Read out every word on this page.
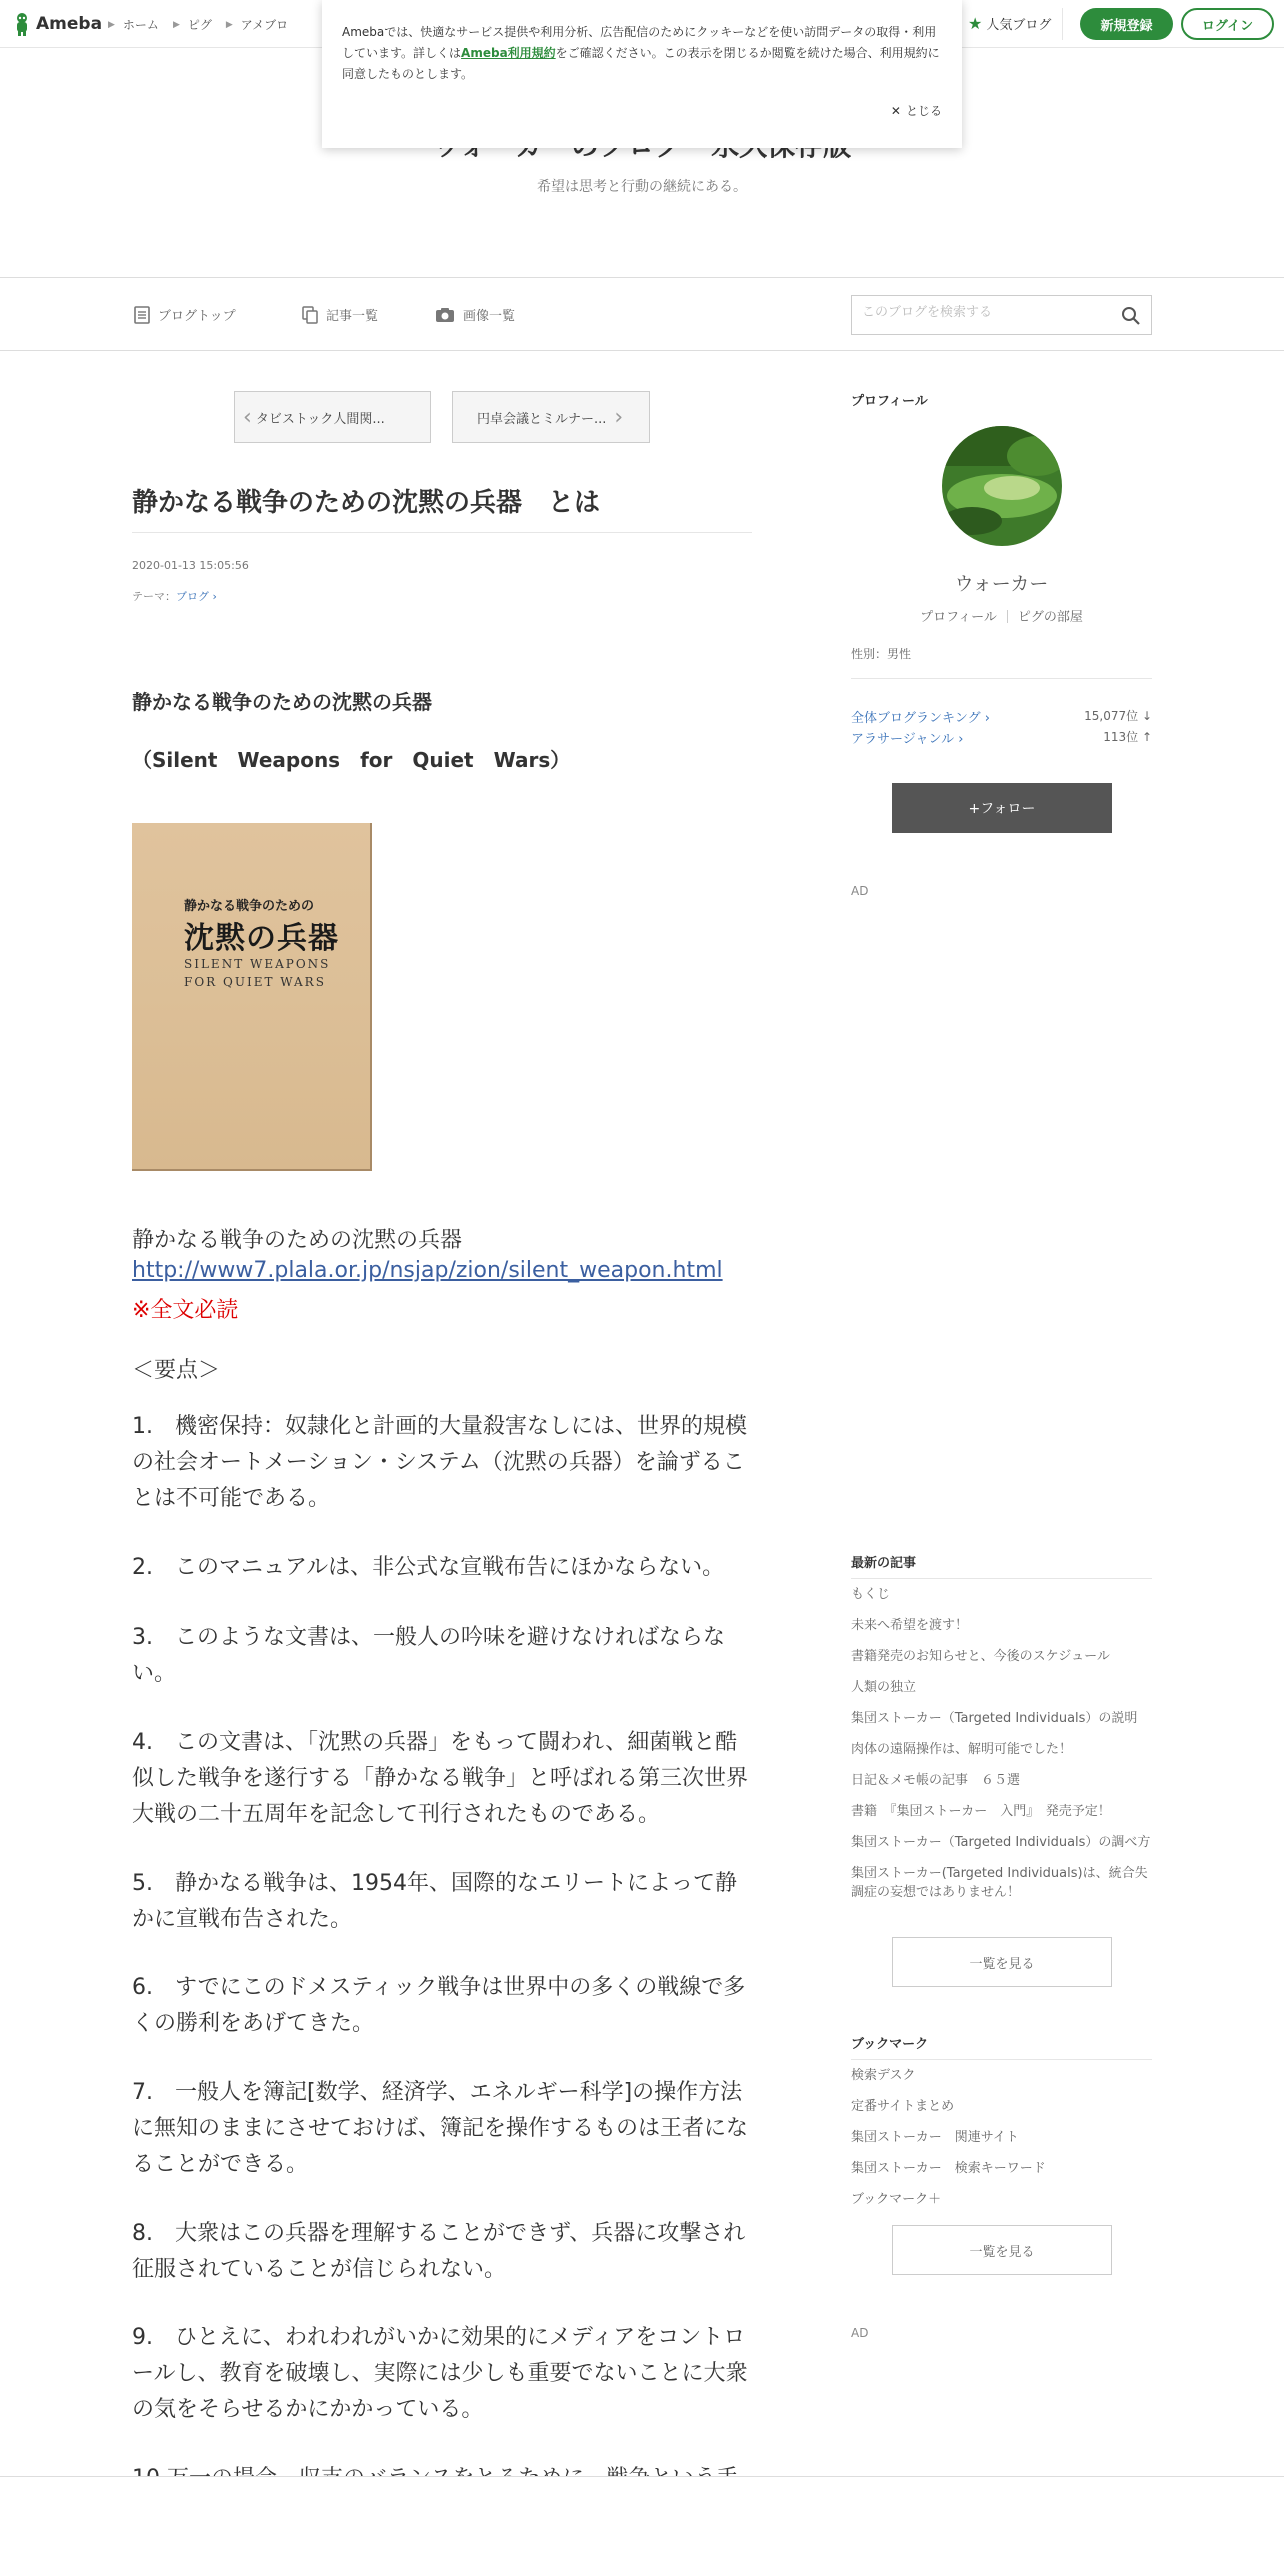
Ameba ▶ ホーム ▶ ピグ ▶ アメブロ	★ 人気ブログ	新規登録	ログイン

Amebaでは、快適なサービス提供や利用分析、広告配信のためにクッキーなどを使い訪問データの取得・利用しています。詳しくはAmeba利用規約をご確認ください。この表示を閉じるか閲覧を続けた場合、利用規約に同意したものとします。

✕ とじる
希望は思考と行動の継続にある。
ブログトップ	記事一覧	画像一覧
このブログを検索する
‹ タビストック人間関...	円卓会議とミルナー... ›
静かなる戦争のための沈黙の兵器　とは
2020-01-13 15:05:56
テーマ：ブログ ›
静かなる戦争のための沈黙の兵器
（Silent　Weapons　for　Quiet　Wars）
静かなる戦争のための
沈黙の兵器
SILENT WEAPONS
FOR QUIET WARS
静かなる戦争のための沈黙の兵器
http://www7.plala.or.jp/nsjap/zion/silent_weapon.html
※全文必読
＜要点＞

1.　機密保持：奴隷化と計画的大量殺害なしには、世界的規模の社会オートメーション・システム（沈黙の兵器）を論ずることは不可能である。

2.　このマニュアルは、非公式な宣戦布告にほかならない。

3.　このような文書は、一般人の吟味を避けなければならない。

4.　この文書は、「沈黙の兵器」をもって闘われ、細菌戦と酷似した戦争を遂行する「静かなる戦争」と呼ばれる第三次世界大戦の二十五周年を記念して刊行されたものである。

5.　静かなる戦争は、1954年、国際的なエリートによって静かに宣戦布告された。

6.　すでにこのドメスティック戦争は世界中の多くの戦線で多くの勝利をあげてきた。

7.　一般人を簿記[数学、経済学、エネルギー科学]の操作方法に無知のままにさせておけば、簿記を操作するものは王者になることができる。

8.　大衆はこの兵器を理解することができず、兵器に攻撃され征服されていることが信じられない。

9.　ひとえに、われわれがいかに効果的にメディアをコントロールし、教育を破壊し、実際には少しも重要でないことに大衆の気をそらせるかにかかっている。

プロフィール
ウォーカー
プロフィール ピグの部屋
性別：男性
全体ブログランキング ›	15,077位 ↓
アラサージャンル ›	113位 ↑
+フォロー
AD
最新の記事
もくじ
未来へ希望を渡す！
書籍発売のお知らせと、今後のスケジュール
人類の独立
集団ストーカー（Targeted Individuals）の説明
肉体の遠隔操作は、解明可能でした！
日記＆メモ帳の記事　６５選
書籍　『集団ストーカー　入門』　発売予定！
集団ストーカー（Targeted Individuals）の調べ方
集団ストーカー(Targeted Individuals)は、統合失調症の妄想ではありません！
一覧を見る
ブックマーク
検索デスク
定番サイトまとめ
集団ストーカー　関連サイト
集団ストーカー　検索キーワード
ブックマーク＋
一覧を見る
AD
